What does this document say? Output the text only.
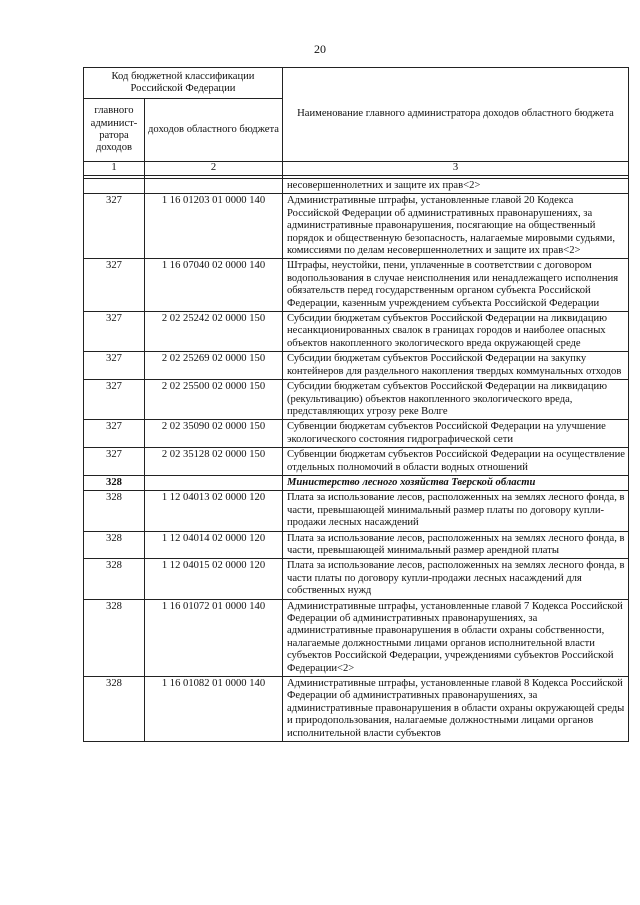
20
Код бюджетной классификации Российской Федерации		Наименование главного администратора доходов областного бюджета
главного админист-ратора доходов	доходов областного бюджета	
1	2	3

		несовершеннолетних и защите их прав<2>
327	1 16 01203 01 0000 140	Административные штрафы, установленные главой 20 Кодекса Российской Федерации об административных правонарушениях, за административные правонарушения, посягающие на общественный порядок и общественную безопасность, налагаемые мировыми судьями, комиссиями по делам несовершеннолетних и защите их прав<2>
327	1 16 07040 02 0000 140	Штрафы, неустойки, пени, уплаченные в соответствии с договором водопользования в случае неисполнения или ненадлежащего исполнения обязательств перед государственным органом субъекта Российской Федерации, казенным учреждением субъекта Российской Федерации
327	2 02 25242 02 0000 150	Субсидии бюджетам субъектов Российской Федерации на ликвидацию несанкционированных свалок в границах городов и наиболее опасных объектов накопленного экологического вреда окружающей среде
327	2 02 25269 02 0000 150	Субсидии бюджетам субъектов Российской Федерации на закупку контейнеров для раздельного накопления твердых коммунальных отходов
327	2 02 25500 02 0000 150	Субсидии бюджетам субъектов Российской Федерации на ликвидацию (рекультивацию) объектов накопленного экологического вреда, представляющих угрозу реке Волге
327	2 02 35090 02 0000 150	Субвенции бюджетам субъектов Российской Федерации на улучшение экологического состояния гидрографической сети
327	2 02 35128 02 0000 150	Субвенции бюджетам субъектов Российской Федерации на осуществление отдельных полномочий в области водных отношений
328		Министерство лесного хозяйства Тверской области
328	1 12 04013 02 0000 120	Плата за использование лесов, расположенных на землях лесного фонда, в части, превышающей минимальный размер платы по договору купли-продажи лесных насаждений
328	1 12 04014 02 0000 120	Плата за использование лесов, расположенных на землях лесного фонда, в части, превышающей минимальный размер арендной платы
328	1 12 04015 02 0000 120	Плата за использование лесов, расположенных на землях лесного фонда, в части платы по договору купли-продажи лесных насаждений для собственных нужд
328	1 16 01072 01 0000 140	Административные штрафы, установленные главой 7 Кодекса Российской Федерации об административных правонарушениях, за административные правонарушения в области охраны собственности, налагаемые должностными лицами органов исполнительной власти субъектов Российской Федерации, учреждениями субъектов Российской Федерации<2>
328	1 16 01082 01 0000 140	Административные штрафы, установленные главой 8 Кодекса Российской Федерации об административных правонарушениях, за административные правонарушения в области охраны окружающей среды и природопользования, налагаемые должностными лицами органов исполнительной власти субъектов
